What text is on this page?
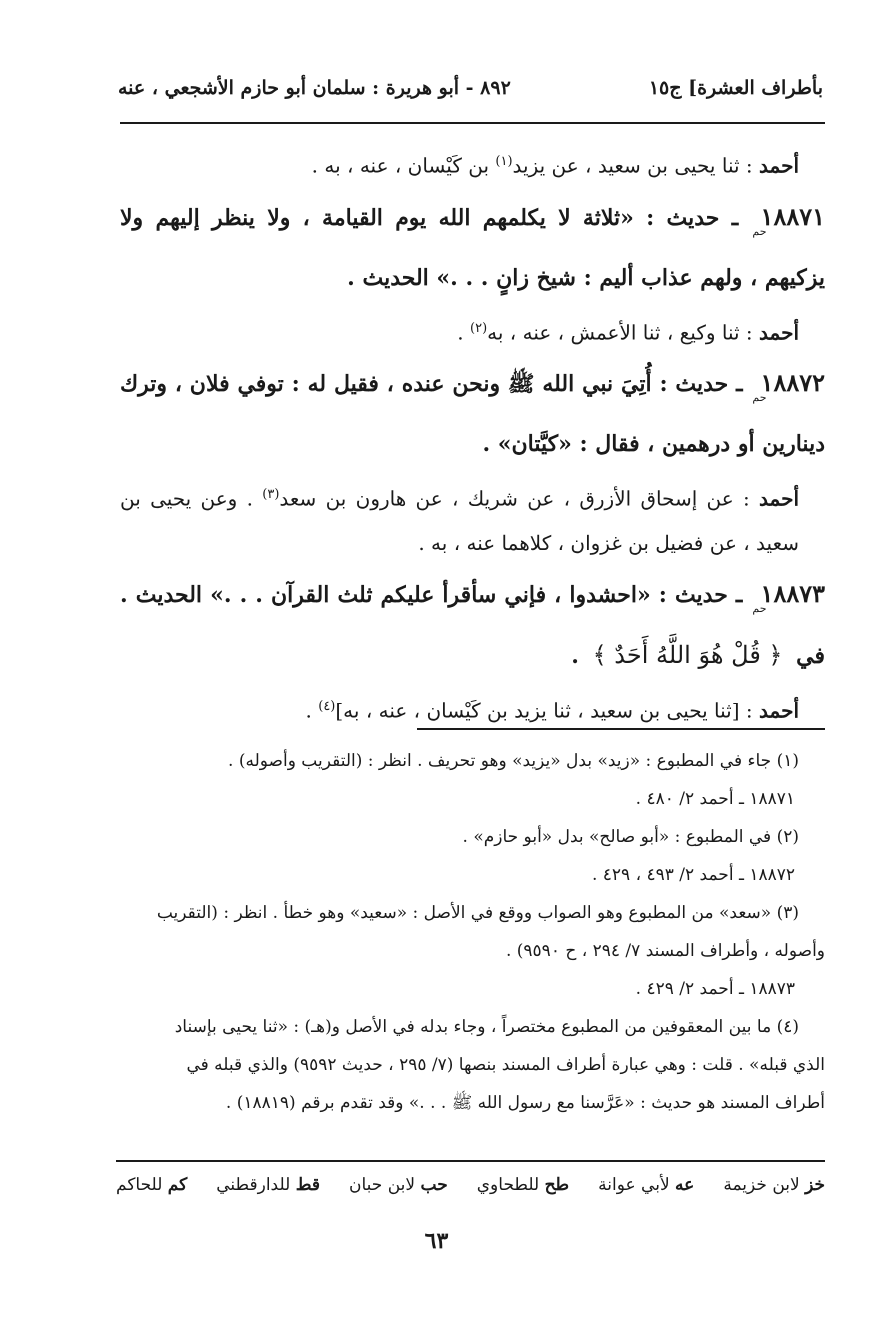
بأطراف العشرة] ج١٥
٨٩٢ - أبو هريرة : سلمان أبو حازم الأشجعي ، عنه

أحمد : ثنا يحيى بن سعيد ، عن يزيد$^{(١)}$ بن كَيْسان ، عنه ، به .

١٨٨٧١حم ـ حديث : «ثلاثة لا يكلمهم الله يوم القيامة ، ولا ينظر إليهم ولا يزكيهم ، ولهم عذاب أليم : شيخ زانٍ . . .» الحديث .

أحمد : ثنا وكيع ، ثنا الأعمش ، عنه ، به$^{(٢)}$ .

١٨٨٧٢حم ـ حديث : أُتِيَ نبي الله ﷺ ونحن عنده ، فقيل له : توفي فلان ، وترك دينارين أو درهمين ، فقال : «كيَّتان» .

أحمد : عن إسحاق الأزرق ، عن شريك ، عن هارون بن سعد$^{(٣)}$ . وعن يحيى بن سعيد ، عن فضيل بن غزوان ، كلاهما عنه ، به .

١٨٨٧٣حم ـ حديث : «احشدوا ، فإني سأقرأ عليكم ثلث القرآن . . .» الحديث . في ﴿ قُلْ هُوَ اللَّهُ أَحَدٌ ﴾ .

أحمد : [ثنا يحيى بن سعيد ، ثنا يزيد بن كَيْسان ، عنه ، به]$^{(٤)}$ .

(١) جاء في المطبوع : «زيد» بدل «يزيد» وهو تحريف . انظر : (التقريب وأصوله) .

١٨٨٧١ ـ أحمد ٢/ ٤٨٠ .

(٢) في المطبوع : «أبو صالح» بدل «أبو حازم» .

١٨٨٧٢ ـ أحمد ٢/ ٤٩٣ ، ٤٢٩ .

(٣) «سعد» من المطبوع وهو الصواب ووقع في الأصل : «سعيد» وهو خطأ . انظر : (التقريب

وأصوله ، وأطراف المسند ٧/ ٢٩٤ ، ح ٩٥٩٠) .

١٨٨٧٣ ـ أحمد ٢/ ٤٢٩ .

(٤) ما بين المعقوفين من المطبوع مختصراً ، وجاء بدله في الأصل و(هـ) : «ثنا يحيى بإسناد

الذي قبله» . قلت : وهي عبارة أطراف المسند بنصها (٧/ ٢٩٥ ، حديث ٩٥٩٢) والذي قبله في

أطراف المسند هو حديث : «عَرَّسنا مع رسول الله ﷺ . . .» وقد تقدم برقم (١٨٨١٩) .

خز لابن خزيمة
عه لأبي عوانة
طح للطحاوي
حب لابن حبان
قط للدارقطني
كم للحاكم
٦٣
